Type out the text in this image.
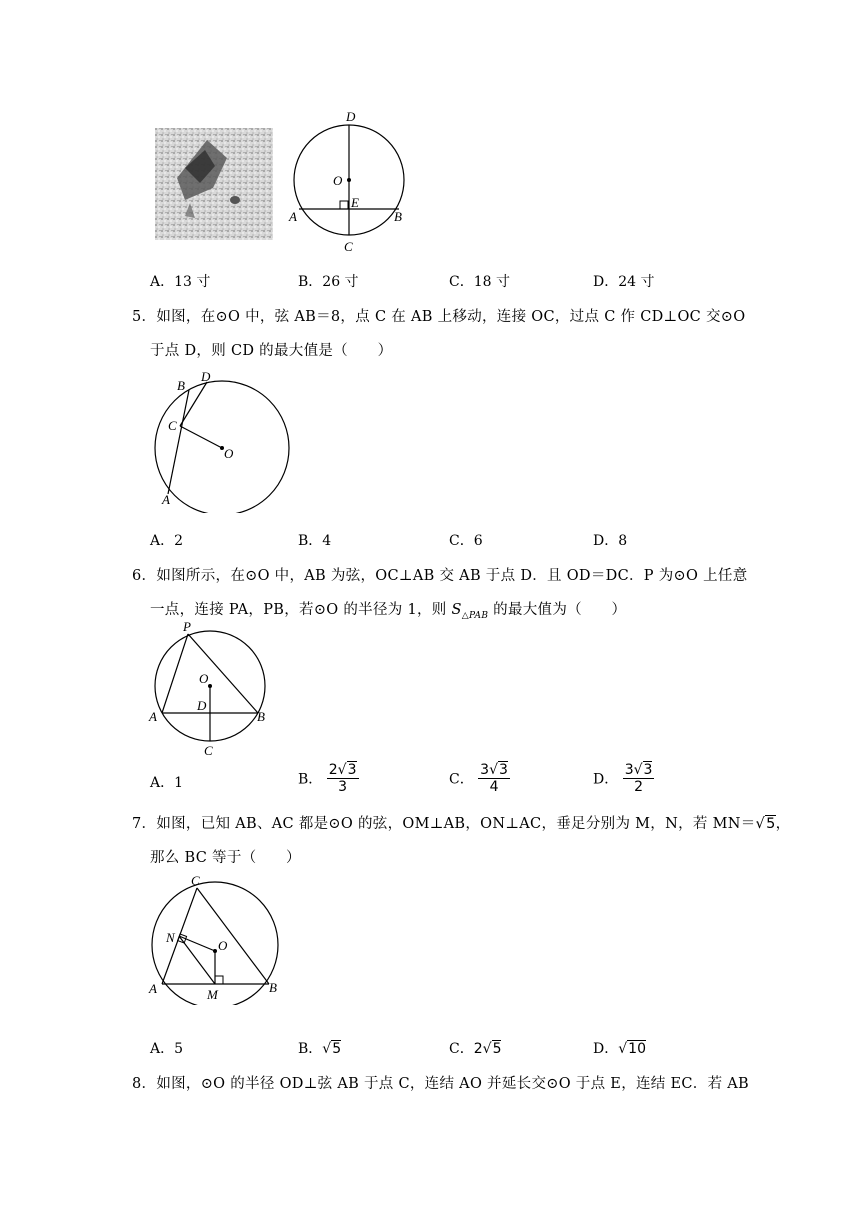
D
O
E
A	B
C
A．13 寸	B．26 寸	C．18 寸	D．24 寸
5．如图，在⊙O 中，弦 AB＝8，点 C 在 AB 上移动，连接 OC，过点 C 作 CD⊥OC 交⊙O
于点 D，则 CD 的最大值是（　　）
B
D
C
O
A
A．2	B．4	C．6	D．8
6．如图所示，在⊙O 中，AB 为弦，OC⊥AB 交 AB 于点 D．且 OD＝DC．P 为⊙O 上任意
一点，连接 PA，PB，若⊙O 的半径为 1，则 $S_{\triangle PAB}$ 的最大值为（　　）
P
O
D
A	B
C
A．1	B． $\frac{2√3}{3}$	C． $\frac{3√3}{4}$	D． $\frac{3√3}{2}$
7．如图，已知 AB、AC 都是⊙O 的弦，OM⊥AB，ON⊥AC，垂足分别为 M，N，若 MN＝√5，
那么 BC 等于（　　）
C
N
O
A	M	B
A．5	B．√5	C．2√5	D．√10
8．如图，⊙O 的半径 OD⊥弦 AB 于点 C，连结 AO 并延长交⊙O 于点 E，连结 EC．若 AB
